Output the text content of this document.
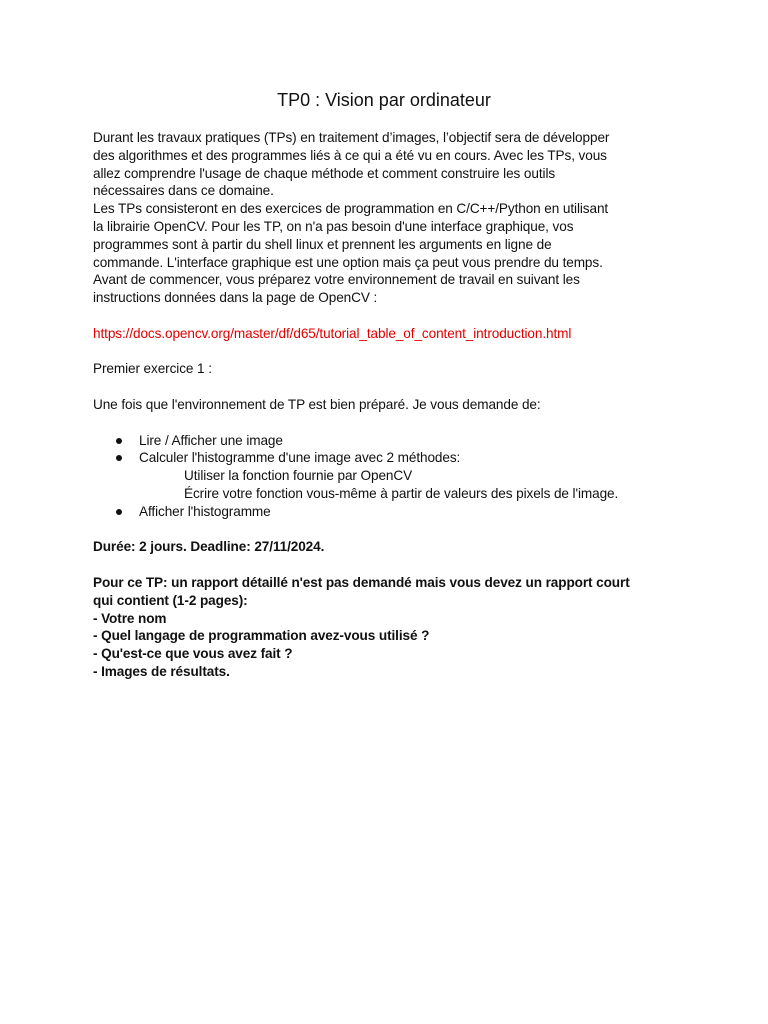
TP0 : Vision par ordinateur

Durant les travaux pratiques (TPs) en traitement d’images, l’objectif sera de développer

des algorithmes et des programmes liés à ce qui a été vu en cours. Avec les TPs, vous

allez comprendre l'usage de chaque méthode et comment construire les outils

nécessaires dans ce domaine.

Les TPs consisteront en des exercices de programmation en C/C++/Python en utilisant

la librairie OpenCV. Pour les TP, on n'a pas besoin d'une interface graphique, vos

programmes sont à partir du shell linux et prennent les arguments en ligne de

commande. L'interface graphique est une option mais ça peut vous prendre du temps.

Avant de commencer, vous préparez votre environnement de travail en suivant les

instructions données dans la page de OpenCV :

https://docs.opencv.org/master/df/d65/tutorial_table_of_content_introduction.html

Premier exercice 1 :

Une fois que l'environnement de TP est bien préparé. Je vous demande de:

Lire / Afficher une image
Calculer l'histogramme d'une image avec 2 méthodes:

Utiliser la fonction fournie par OpenCV

Écrire votre fonction vous-même à partir de valeurs des pixels de l'image.

Afficher l'histogramme

Durée: 2 jours. Deadline: 27/11/2024.

Pour ce TP: un rapport détaillé n'est pas demandé mais vous devez un rapport court

qui contient (1-2 pages):

- Votre nom

- Quel langage de programmation avez-vous utilisé ?

- Qu'est-ce que vous avez fait ?

- Images de résultats.
